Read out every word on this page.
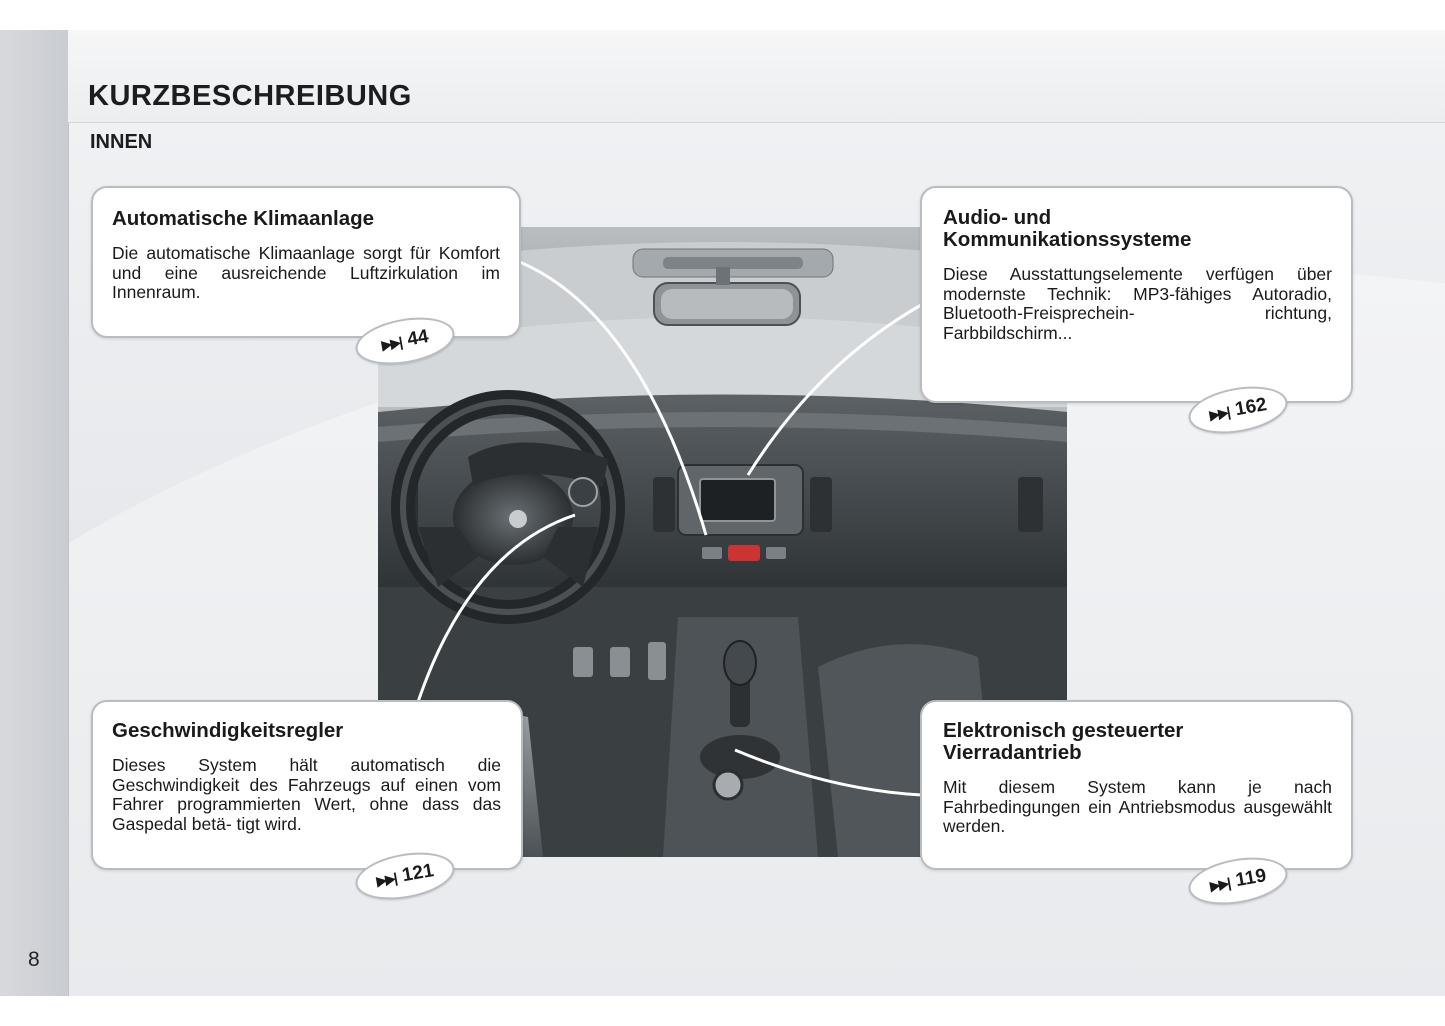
KURZBESCHREIBUNG
INNEN
Automatische Klimaanlage

Die automatische Klimaanlage sorgt für Komfort und eine ausreichende Luftzirkulation im Innenraum.

▶▶| 44
Audio- und
Kommunikationssysteme

Diese Ausstattungselemente verfügen über modernste Technik: MP3-fähiges Autoradio, Bluetooth-Freisprechein- richtung, Farbbildschirm...

▶▶| 162
Geschwindigkeitsregler

Dieses System hält automatisch die Geschwindigkeit des Fahrzeugs auf einen vom Fahrer programmierten Wert, ohne dass das Gaspedal betä- tigt wird.

▶▶| 121
Elektronisch gesteuerter
Vierradantrieb

Mit diesem System kann je nach Fahrbedingungen ein Antriebsmodus ausgewählt werden.

▶▶| 119
8
